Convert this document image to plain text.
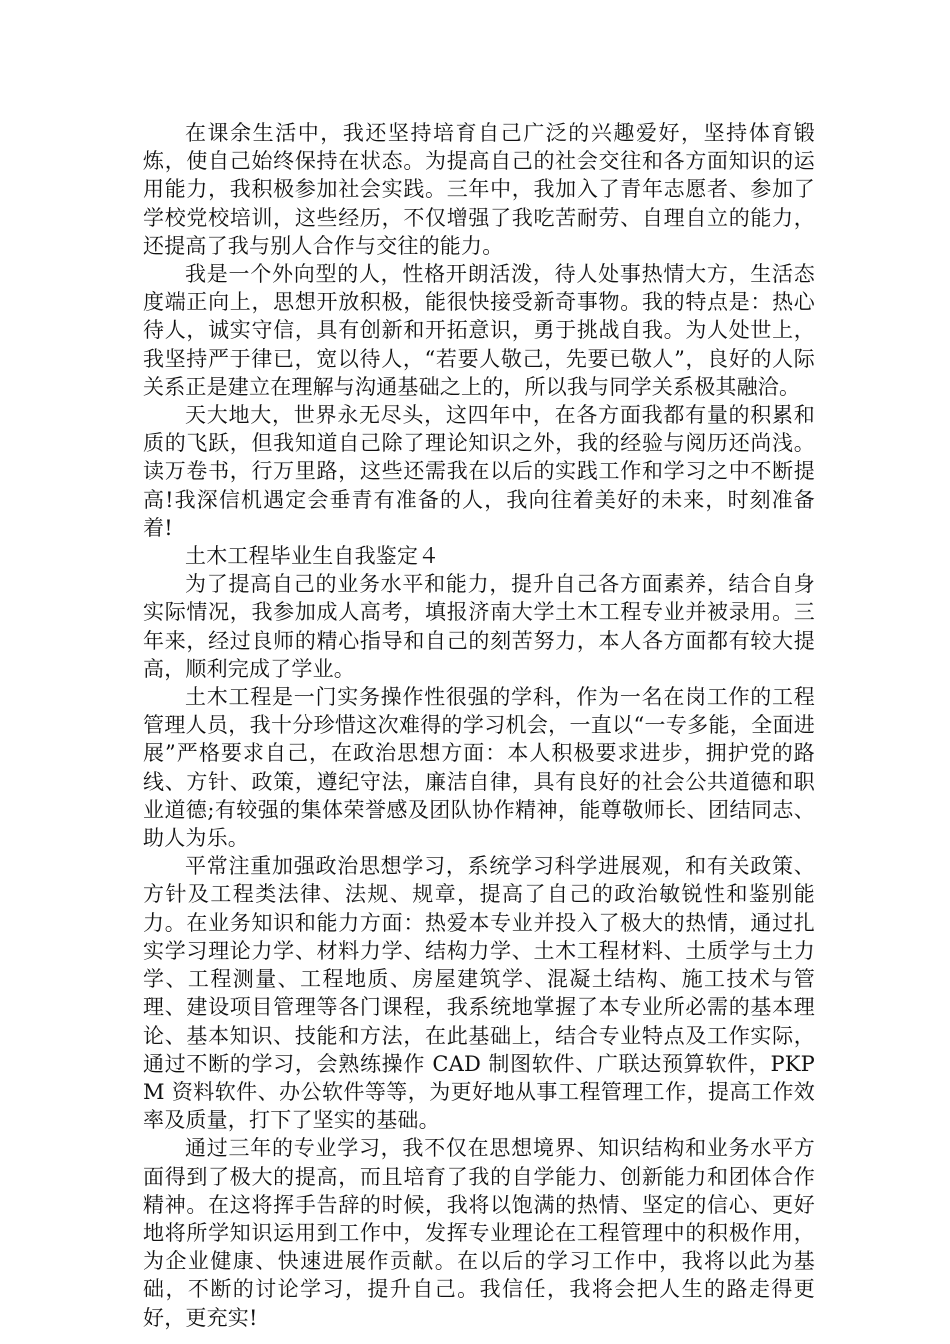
在课余生活中，我还坚持培育自己广泛的兴趣爱好，坚持体育锻炼，使自己始终保持在状态。为提高自己的社会交往和各方面知识的运用能力，我积极参加社会实践。三年中，我加入了青年志愿者、参加了学校党校培训，这些经历，不仅增强了我吃苦耐劳、自理自立的能力，还提高了我与别人合作与交往的能力。

我是一个外向型的人，性格开朗活泼，待人处事热情大方，生活态度端正向上，思想开放积极，能很快接受新奇事物。我的特点是：热心待人，诚实守信，具有创新和开拓意识，勇于挑战自我。为人处世上，我坚持严于律已，宽以待人，“若要人敬己，先要已敬人”，良好的人际关系正是建立在理解与沟通基础之上的，所以我与同学关系极其融洽。

天大地大，世界永无尽头，这四年中，在各方面我都有量的积累和质的飞跃，但我知道自己除了理论知识之外，我的经验与阅历还尚浅。读万卷书，行万里路，这些还需我在以后的实践工作和学习之中不断提高!我深信机遇定会垂青有准备的人，我向往着美好的未来，时刻准备着!

土木工程毕业生自我鉴定４

为了提高自己的业务水平和能力，提升自己各方面素养，结合自身实际情况，我参加成人高考，填报济南大学土木工程专业并被录用。三年来，经过良师的精心指导和自己的刻苦努力，本人各方面都有较大提高，顺利完成了学业。

土木工程是一门实务操作性很强的学科，作为一名在岗工作的工程管理人员，我十分珍惜这次难得的学习机会，一直以“一专多能，全面进展”严格要求自己，在政治思想方面：本人积极要求进步，拥护党的路线、方针、政策，遵纪守法，廉洁自律，具有良好的社会公共道德和职业道德;有较强的集体荣誉感及团队协作精神，能尊敬师长、团结同志、助人为乐。

平常注重加强政治思想学习，系统学习科学进展观，和有关政策、方针及工程类法律、法规、规章，提高了自己的政治敏锐性和鉴别能力。在业务知识和能力方面：热爱本专业并投入了极大的热情，通过扎实学习理论力学、材料力学、结构力学、土木工程材料、土质学与土力学、工程测量、工程地质、房屋建筑学、混凝土结构、施工技术与管理、建设项目管理等各门课程，我系统地掌握了本专业所必需的基本理论、基本知识、技能和方法，在此基础上，结合专业特点及工作实际，通过不断的学习，会熟练操作 CAD 制图软件、广联达预算软件，PKPM 资料软件、办公软件等等，为更好地从事工程管理工作，提高工作效率及质量，打下了坚实的基础。

通过三年的专业学习，我不仅在思想境界、知识结构和业务水平方面得到了极大的提高，而且培育了我的自学能力、创新能力和团体合作精神。在这将挥手告辞的时候，我将以饱满的热情、坚定的信心、更好地将所学知识运用到工作中，发挥专业理论在工程管理中的积极作用，为企业健康、快速进展作贡献。在以后的学习工作中，我将以此为基础，不断的讨论学习，提升自己。我信任，我将会把人生的路走得更好，更充实!
